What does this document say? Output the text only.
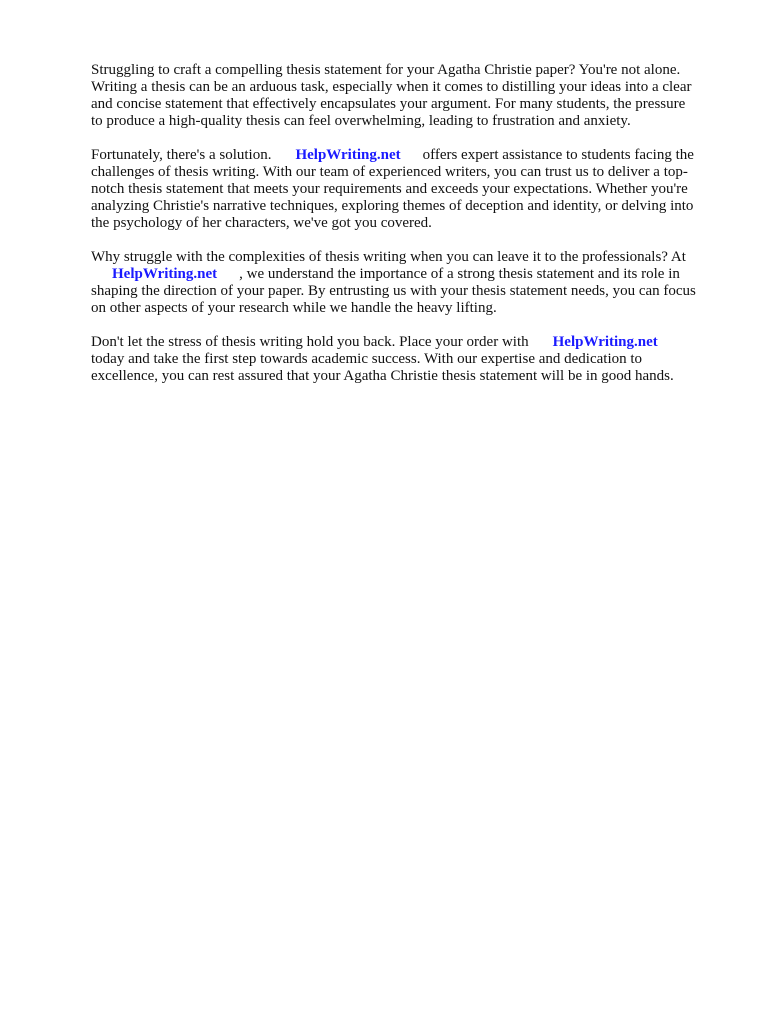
Struggling to craft a compelling thesis statement for your Agatha Christie paper? You're not alone.
Writing a thesis can be an arduous task, especially when it comes to distilling your ideas into a clear
and concise statement that effectively encapsulates your argument. For many students, the pressure
to produce a high-quality thesis can feel overwhelming, leading to frustration and anxiety.

Fortunately, there's a solution. HelpWriting.net offers expert assistance to students facing the
challenges of thesis writing. With our team of experienced writers, you can trust us to deliver a top-
notch thesis statement that meets your requirements and exceeds your expectations. Whether you're
analyzing Christie's narrative techniques, exploring themes of deception and identity, or delving into
the psychology of her characters, we've got you covered.

Why struggle with the complexities of thesis writing when you can leave it to the professionals? At
HelpWriting.net , we understand the importance of a strong thesis statement and its role in
shaping the direction of your paper. By entrusting us with your thesis statement needs, you can focus
on other aspects of your research while we handle the heavy lifting.

Don't let the stress of thesis writing hold you back. Place your order with HelpWriting.net
today and take the first step towards academic success. With our expertise and dedication to
excellence, you can rest assured that your Agatha Christie thesis statement will be in good hands.
